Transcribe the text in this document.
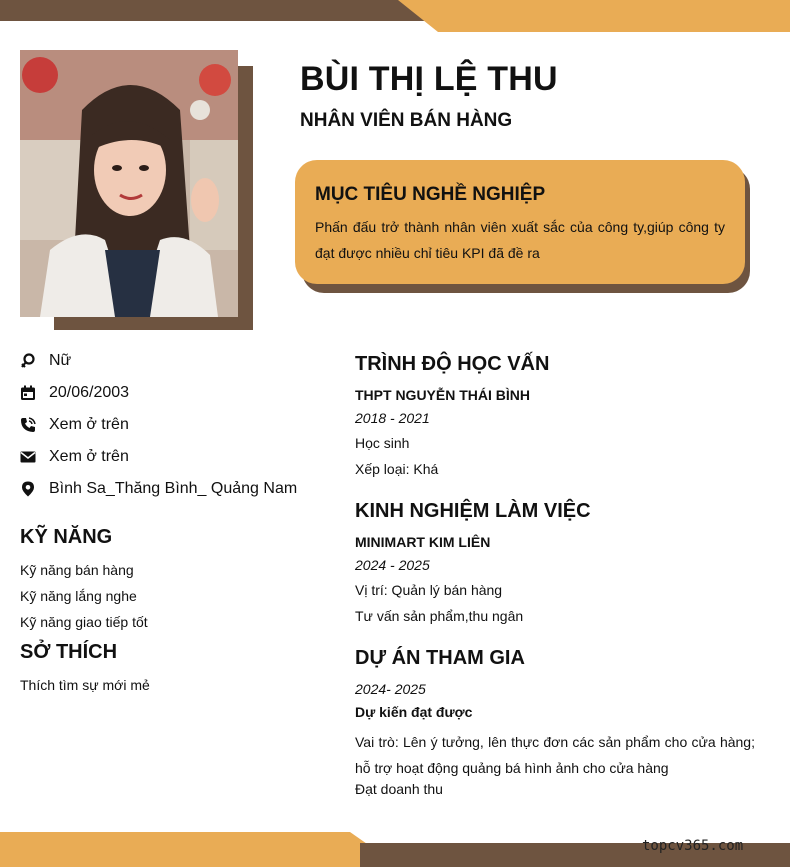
BÙI THỊ LỆ THU
NHÂN VIÊN BÁN HÀNG
MỤC TIÊU NGHỀ NGHIỆP
Phấn đấu trở thành nhân viên xuất sắc của công ty,giúp công ty đạt được nhiều chỉ tiêu KPI đã đề ra
Nữ
20/06/2003
Xem ở trên
Xem ở trên
Bình Sa_Thăng Bình_ Quảng Nam
KỸ NĂNG
Kỹ năng bán hàng
Kỹ năng lắng nghe
Kỹ năng giao tiếp tốt
SỞ THÍCH
Thích tìm sự mới mẻ
TRÌNH ĐỘ HỌC VẤN
THPT NGUYỄN THÁI BÌNH
2018 - 2021
Học sinh
Xếp loại: Khá
KINH NGHIỆM LÀM VIỆC
MINIMART KIM LIÊN
2024 - 2025
Vị trí: Quản lý bán hàng
Tư vấn sản phẩm,thu ngân
DỰ ÁN THAM GIA
2024- 2025
Dự kiến đạt được
Vai trò: Lên ý tưởng, lên thực đơn các sản phẩm cho cửa hàng; hỗ trợ hoạt động quảng bá hình ảnh cho cửa hàng
Đạt doanh thu
topcv365.com
